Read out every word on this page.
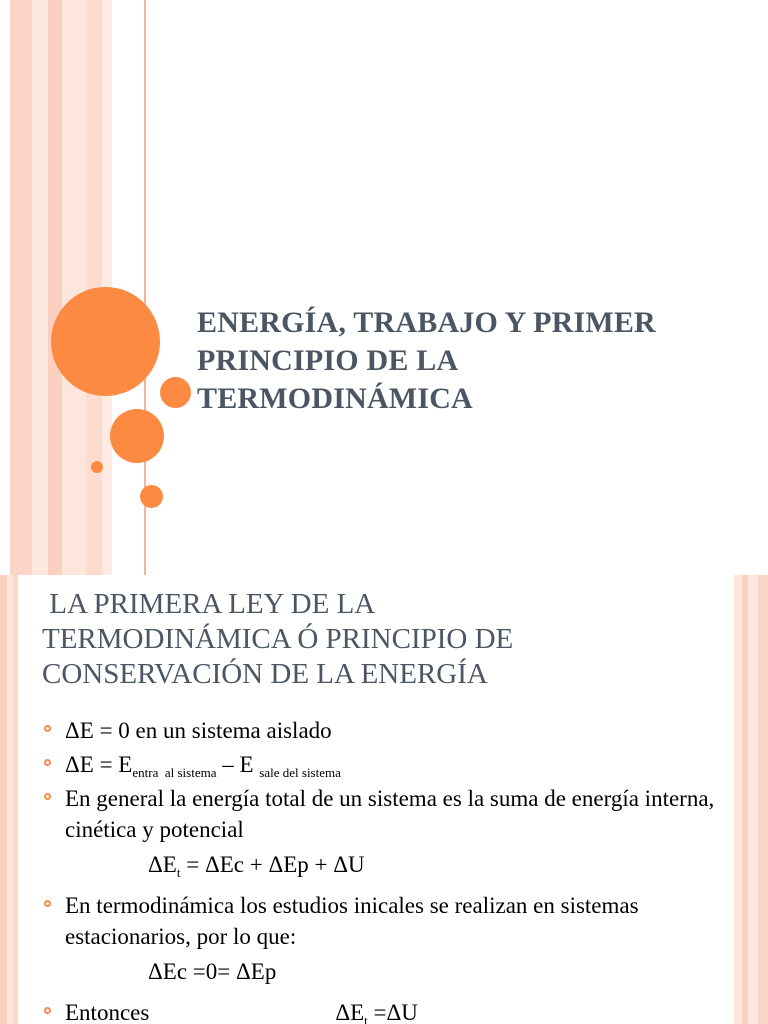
ENERGÍA, TRABAJO Y PRIMER
PRINCIPIO DE LA
TERMODINÁMICA
LA PRIMERA LEY DE LA
TERMODINÁMICA Ó PRINCIPIO DE
CONSERVACIÓN DE LA ENERGÍA
ΔE = 0 en un sistema aislado
$\Delta E = E_{entra al sistema} - E$ $_{sale del sistema}$
En general la energía total de un sistema es la suma de energía interna, cinética y potencial
$\Delta E_t = \Delta Ec + \Delta Ep + \Delta U$
En termodinámica los estudios inicales se realizan en sistemas estacionarios, por lo que:
ΔEc =0= ΔEp
Entonces	$\Delta E_t =\Delta U$
